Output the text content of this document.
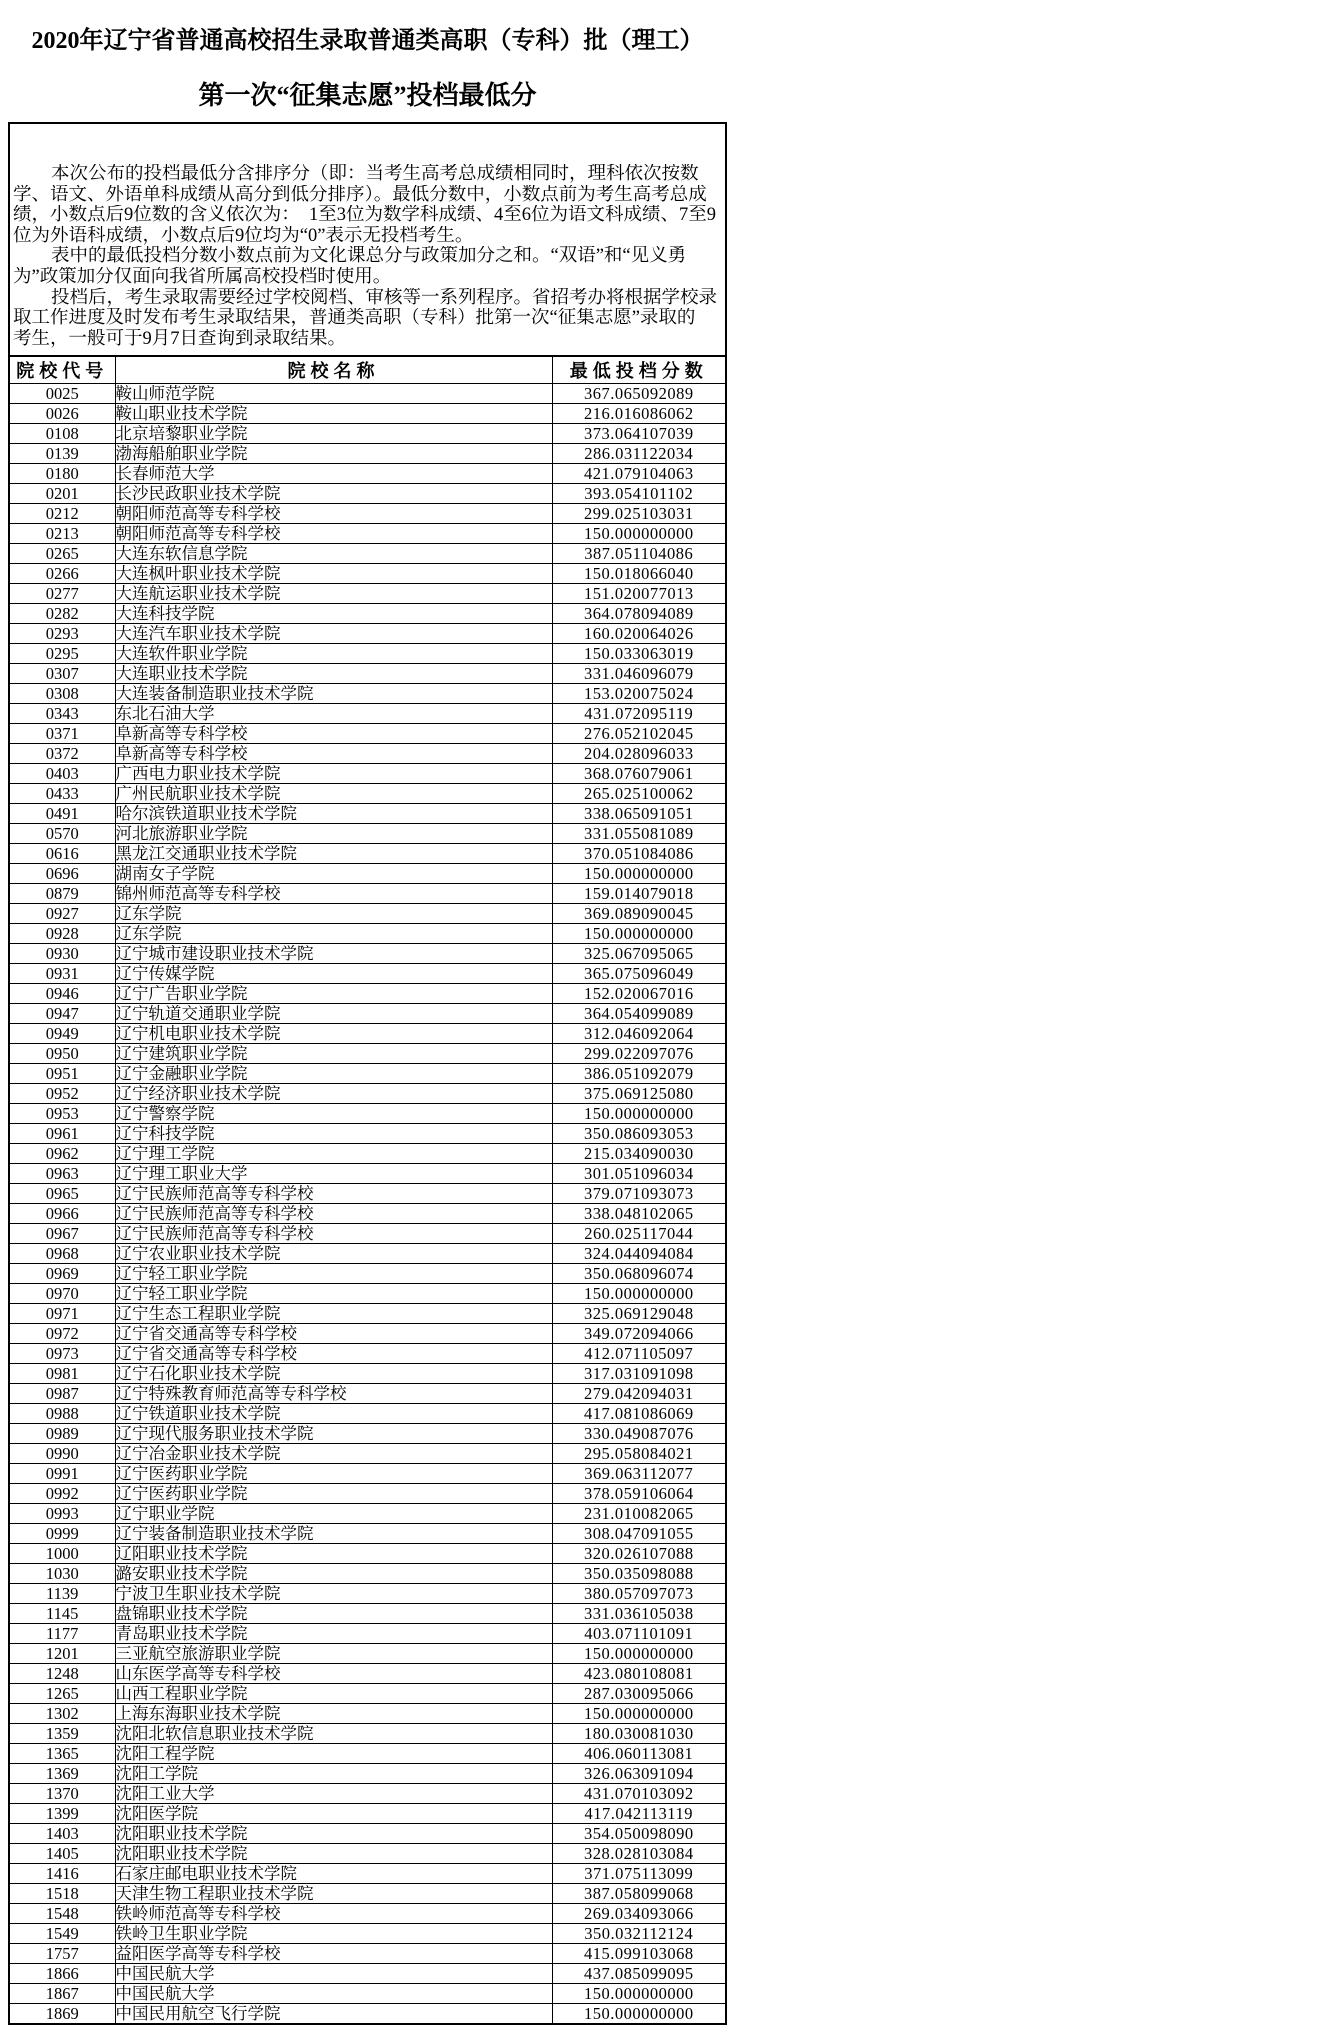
2020年辽宁省普通高校招生录取普通类高职（专科）批（理工）
第一次“征集志愿”投档最低分
本次公布的投档最低分含排序分（即：当考生高考总成绩相同时，理科依次按数
学、语文、外语单科成绩从高分到低分排序）。最低分数中，小数点前为考生高考总成
绩，小数点后9位数的含义依次为：　1至3位为数学科成绩、4至6位为语文科成绩、7至9
位为外语科成绩，小数点后9位均为“0”表示无投档考生。
表中的最低投档分数小数点前为文化课总分与政策加分之和。“双语”和“见义勇
为”政策加分仅面向我省所属高校投档时使用。
投档后，考生录取需要经过学校阅档、审核等一系列程序。省招考办将根据学校录
取工作进度及时发布考生录取结果，普通类高职（专科）批第一次“征集志愿”录取的
考生，一般可于9月7日查询到录取结果。
院校代号	院校名称	最低投档分数
0025	鞍山师范学院	367.065092089
0026	鞍山职业技术学院	216.016086062
0108	北京培黎职业学院	373.064107039
0139	渤海船舶职业学院	286.031122034
0180	长春师范大学	421.079104063
0201	长沙民政职业技术学院	393.054101102
0212	朝阳师范高等专科学校	299.025103031
0213	朝阳师范高等专科学校	150.000000000
0265	大连东软信息学院	387.051104086
0266	大连枫叶职业技术学院	150.018066040
0277	大连航运职业技术学院	151.020077013
0282	大连科技学院	364.078094089
0293	大连汽车职业技术学院	160.020064026
0295	大连软件职业学院	150.033063019
0307	大连职业技术学院	331.046096079
0308	大连装备制造职业技术学院	153.020075024
0343	东北石油大学	431.072095119
0371	阜新高等专科学校	276.052102045
0372	阜新高等专科学校	204.028096033
0403	广西电力职业技术学院	368.076079061
0433	广州民航职业技术学院	265.025100062
0491	哈尔滨铁道职业技术学院	338.065091051
0570	河北旅游职业学院	331.055081089
0616	黑龙江交通职业技术学院	370.051084086
0696	湖南女子学院	150.000000000
0879	锦州师范高等专科学校	159.014079018
0927	辽东学院	369.089090045
0928	辽东学院	150.000000000
0930	辽宁城市建设职业技术学院	325.067095065
0931	辽宁传媒学院	365.075096049
0946	辽宁广告职业学院	152.020067016
0947	辽宁轨道交通职业学院	364.054099089
0949	辽宁机电职业技术学院	312.046092064
0950	辽宁建筑职业学院	299.022097076
0951	辽宁金融职业学院	386.051092079
0952	辽宁经济职业技术学院	375.069125080
0953	辽宁警察学院	150.000000000
0961	辽宁科技学院	350.086093053
0962	辽宁理工学院	215.034090030
0963	辽宁理工职业大学	301.051096034
0965	辽宁民族师范高等专科学校	379.071093073
0966	辽宁民族师范高等专科学校	338.048102065
0967	辽宁民族师范高等专科学校	260.025117044
0968	辽宁农业职业技术学院	324.044094084
0969	辽宁轻工职业学院	350.068096074
0970	辽宁轻工职业学院	150.000000000
0971	辽宁生态工程职业学院	325.069129048
0972	辽宁省交通高等专科学校	349.072094066
0973	辽宁省交通高等专科学校	412.071105097
0981	辽宁石化职业技术学院	317.031091098
0987	辽宁特殊教育师范高等专科学校	279.042094031
0988	辽宁铁道职业技术学院	417.081086069
0989	辽宁现代服务职业技术学院	330.049087076
0990	辽宁冶金职业技术学院	295.058084021
0991	辽宁医药职业学院	369.063112077
0992	辽宁医药职业学院	378.059106064
0993	辽宁职业学院	231.010082065
0999	辽宁装备制造职业技术学院	308.047091055
1000	辽阳职业技术学院	320.026107088
1030	潞安职业技术学院	350.035098088
1139	宁波卫生职业技术学院	380.057097073
1145	盘锦职业技术学院	331.036105038
1177	青岛职业技术学院	403.071101091
1201	三亚航空旅游职业学院	150.000000000
1248	山东医学高等专科学校	423.080108081
1265	山西工程职业学院	287.030095066
1302	上海东海职业技术学院	150.000000000
1359	沈阳北软信息职业技术学院	180.030081030
1365	沈阳工程学院	406.060113081
1369	沈阳工学院	326.063091094
1370	沈阳工业大学	431.070103092
1399	沈阳医学院	417.042113119
1403	沈阳职业技术学院	354.050098090
1405	沈阳职业技术学院	328.028103084
1416	石家庄邮电职业技术学院	371.075113099
1518	天津生物工程职业技术学院	387.058099068
1548	铁岭师范高等专科学校	269.034093066
1549	铁岭卫生职业学院	350.032112124
1757	益阳医学高等专科学校	415.099103068
1866	中国民航大学	437.085099095
1867	中国民航大学	150.000000000
1869	中国民用航空飞行学院	150.000000000
